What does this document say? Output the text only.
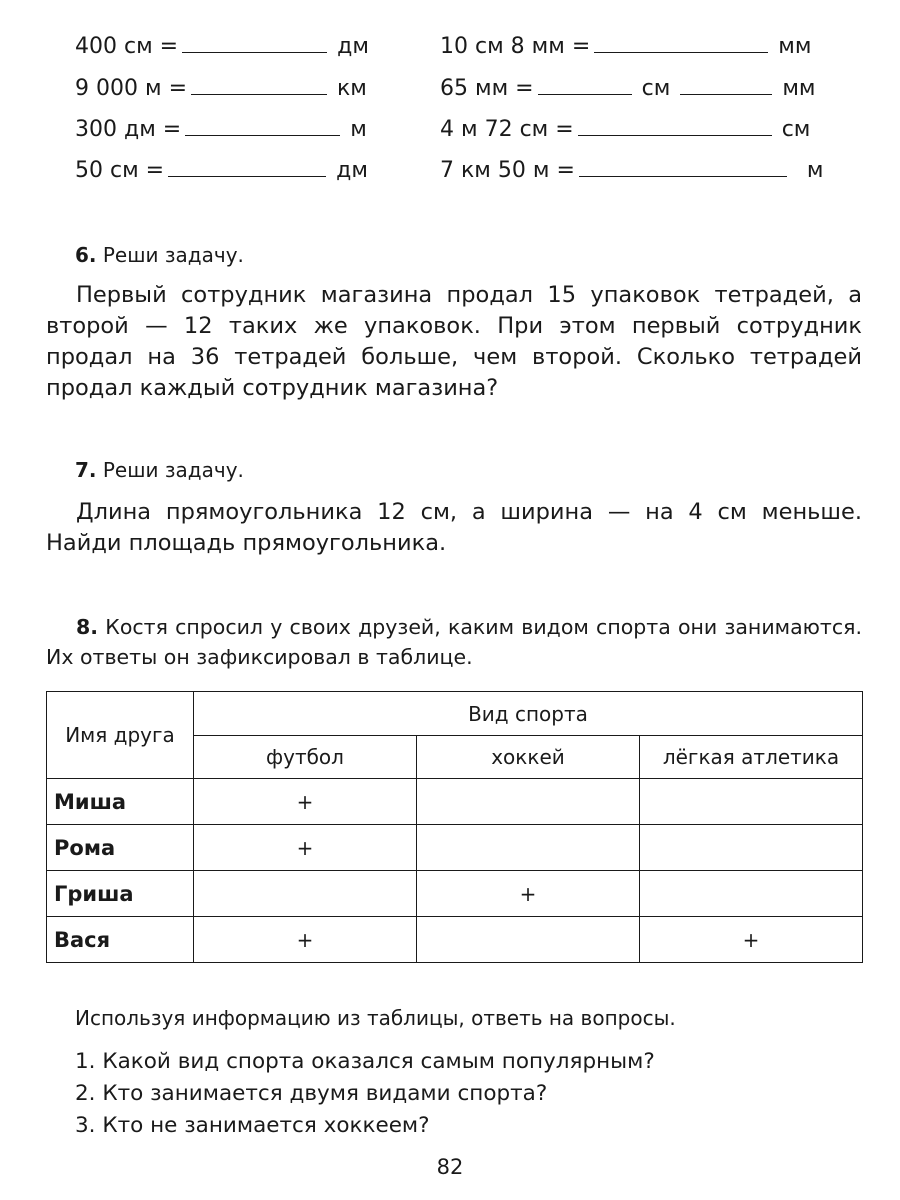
400 см =	дм
9 000 м =	км
300 дм =	м
50 см =	дм
10 см 8 мм =	мм
65 мм =	см	мм
4 м 72 см =	см
7 км 50 м =	м
6. Реши задачу.
Первый сотрудник магазина продал 15 упаковок тетрадей, а второй — 12 таких же упаковок. При этом первый сотрудник продал на 36 тетрадей больше, чем второй. Сколько тетрадей продал каждый сотрудник магазина?
7. Реши задачу.
Длина прямоугольника 12 см, а ширина — на 4 см меньше. Найди площадь прямоугольника.
8. Костя спросил у своих друзей, каким видом спорта они занимаются. Их ответы он зафиксировал в таблице.
Имя друга	Вид спорта		
	футбол	хоккей	лёгкая атлетика
Миша	+		
Рома	+		
Гриша		+	
Вася	+		+
Используя информацию из таблицы, ответь на вопросы.
1. Какой вид спорта оказался самым популярным?
2. Кто занимается двумя видами спорта?
3. Кто не занимается хоккеем?
82
